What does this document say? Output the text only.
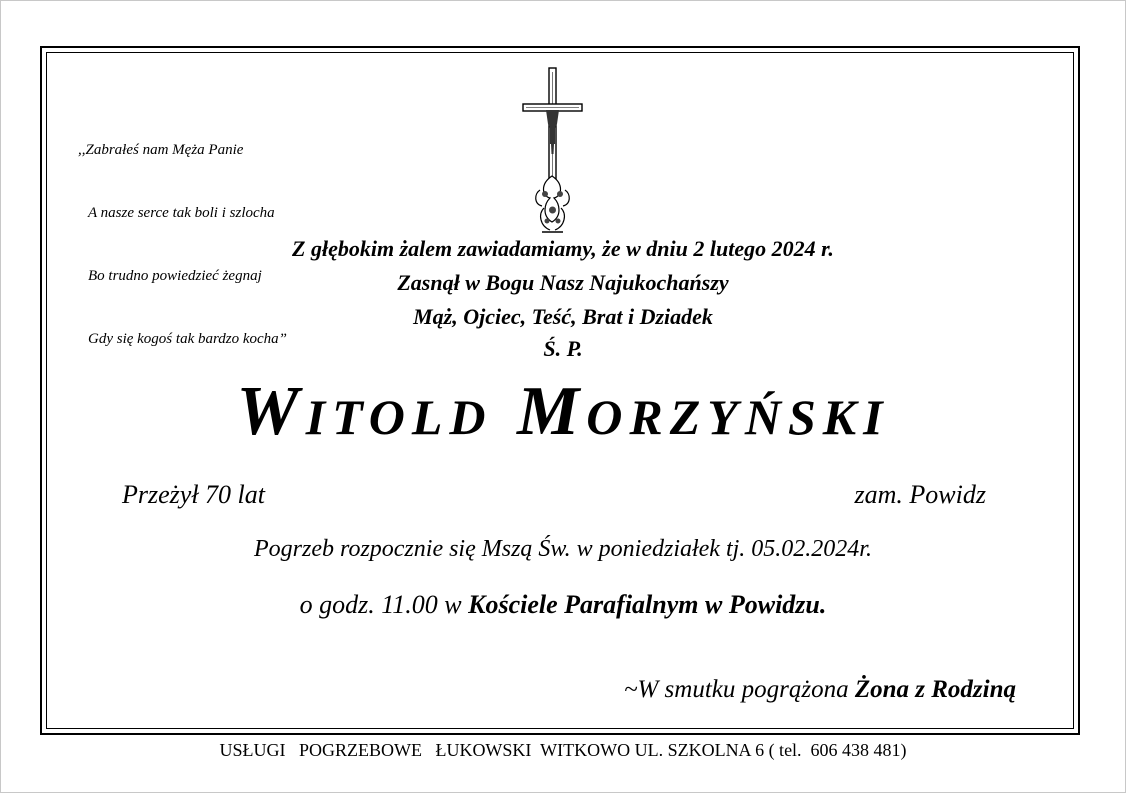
,,Zabrałeś nam Męża Panie

A nasze serce tak boli i szlocha

Bo trudno powiedzieć żegnaj

Gdy się kogoś tak bardzo kocha”

Z głębokim żalem zawiadamiamy, że w dniu 2 lutego 2024 r.
Zasnął w Bogu Nasz Najukochańszy
Mąż, Ojciec, Teść, Brat i Dziadek
Ś. P.
WITOLD MORZYŃSKI
Przeżył 70 lat	zam. Powidz
Pogrzeb rozpocznie się Mszą Św. w poniedziałek tj. 05.02.2024r.
o godz. 11.00 w Kościele Parafialnym w Powidzu.
~W smutku pogrążona Żona z Rodziną
USŁUGI   POGRZEBOWE   ŁUKOWSKI  WITKOWO UL. SZKOLNA 6 ( tel.  606 438 481)
